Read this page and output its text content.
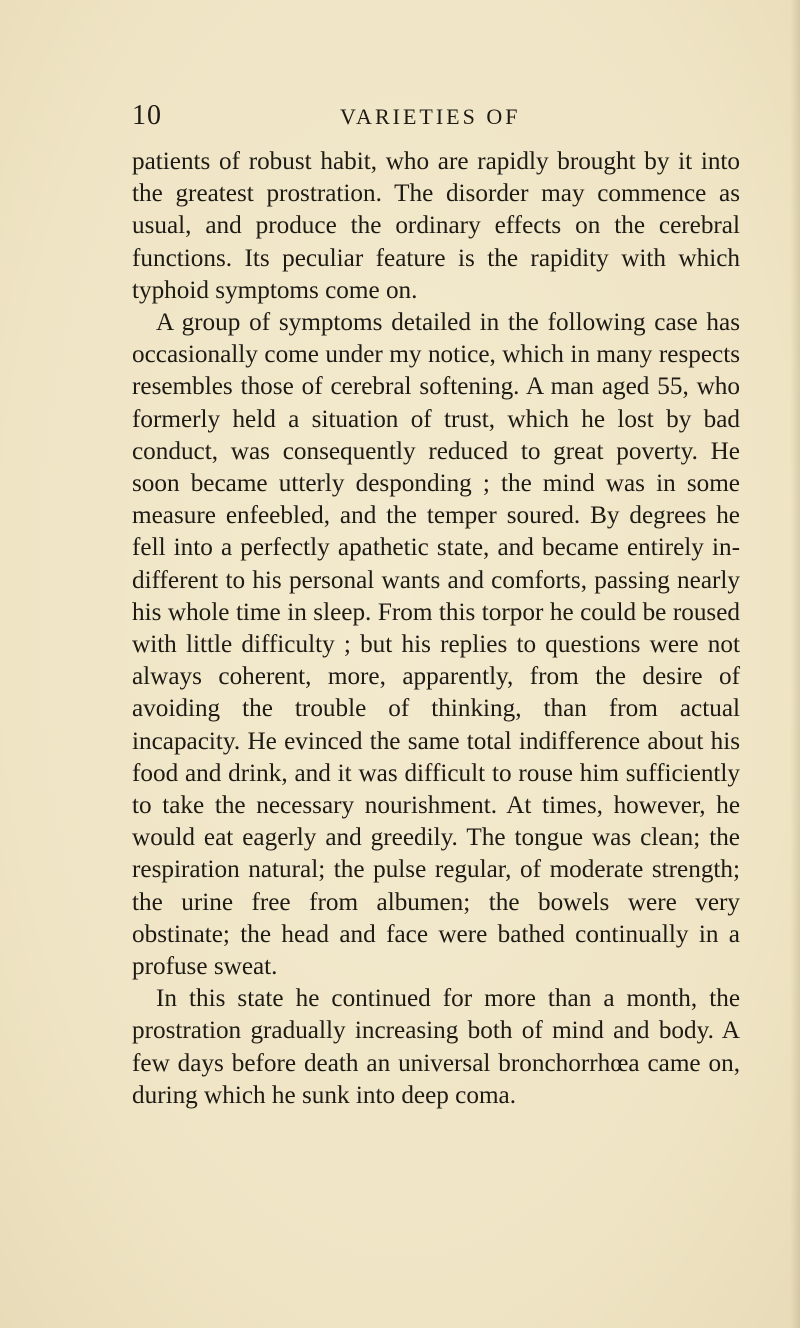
10	VARIETIES OF

patients of robust habit, who are rapidly brought by it into the greatest prostration. The disorder may commence as usual, and produce the ordinary effects on the cerebral functions. Its peculiar feature is the rapidity with which typhoid symptoms come on.

A group of symptoms detailed in the following case has occasionally come under my notice, which in many respects resembles those of cerebral softening. A man aged 55, who formerly held a situation of trust, which he lost by bad conduct, was consequently reduced to great poverty. He soon became utterly desponding ; the mind was in some measure enfeebled, and the temper soured. By degrees he fell into a perfectly apathetic state, and became entirely in- different to his personal wants and comforts, passing nearly his whole time in sleep. From this torpor he could be roused with little difficulty ; but his replies to questions were not always coherent, more, apparently, from the desire of avoiding the trouble of thinking, than from actual incapacity. He evinced the same total indifference about his food and drink, and it was difficult to rouse him sufficiently to take the necessary nourishment. At times, however, he would eat eagerly and greedily. The tongue was clean; the respiration natural; the pulse regular, of moderate strength; the urine free from albumen; the bowels were very obstinate; the head and face were bathed continually in a profuse sweat.

In this state he continued for more than a month, the prostration gradually increasing both of mind and body. A few days before death an universal bronchorrhœa came on, during which he sunk into deep coma.
